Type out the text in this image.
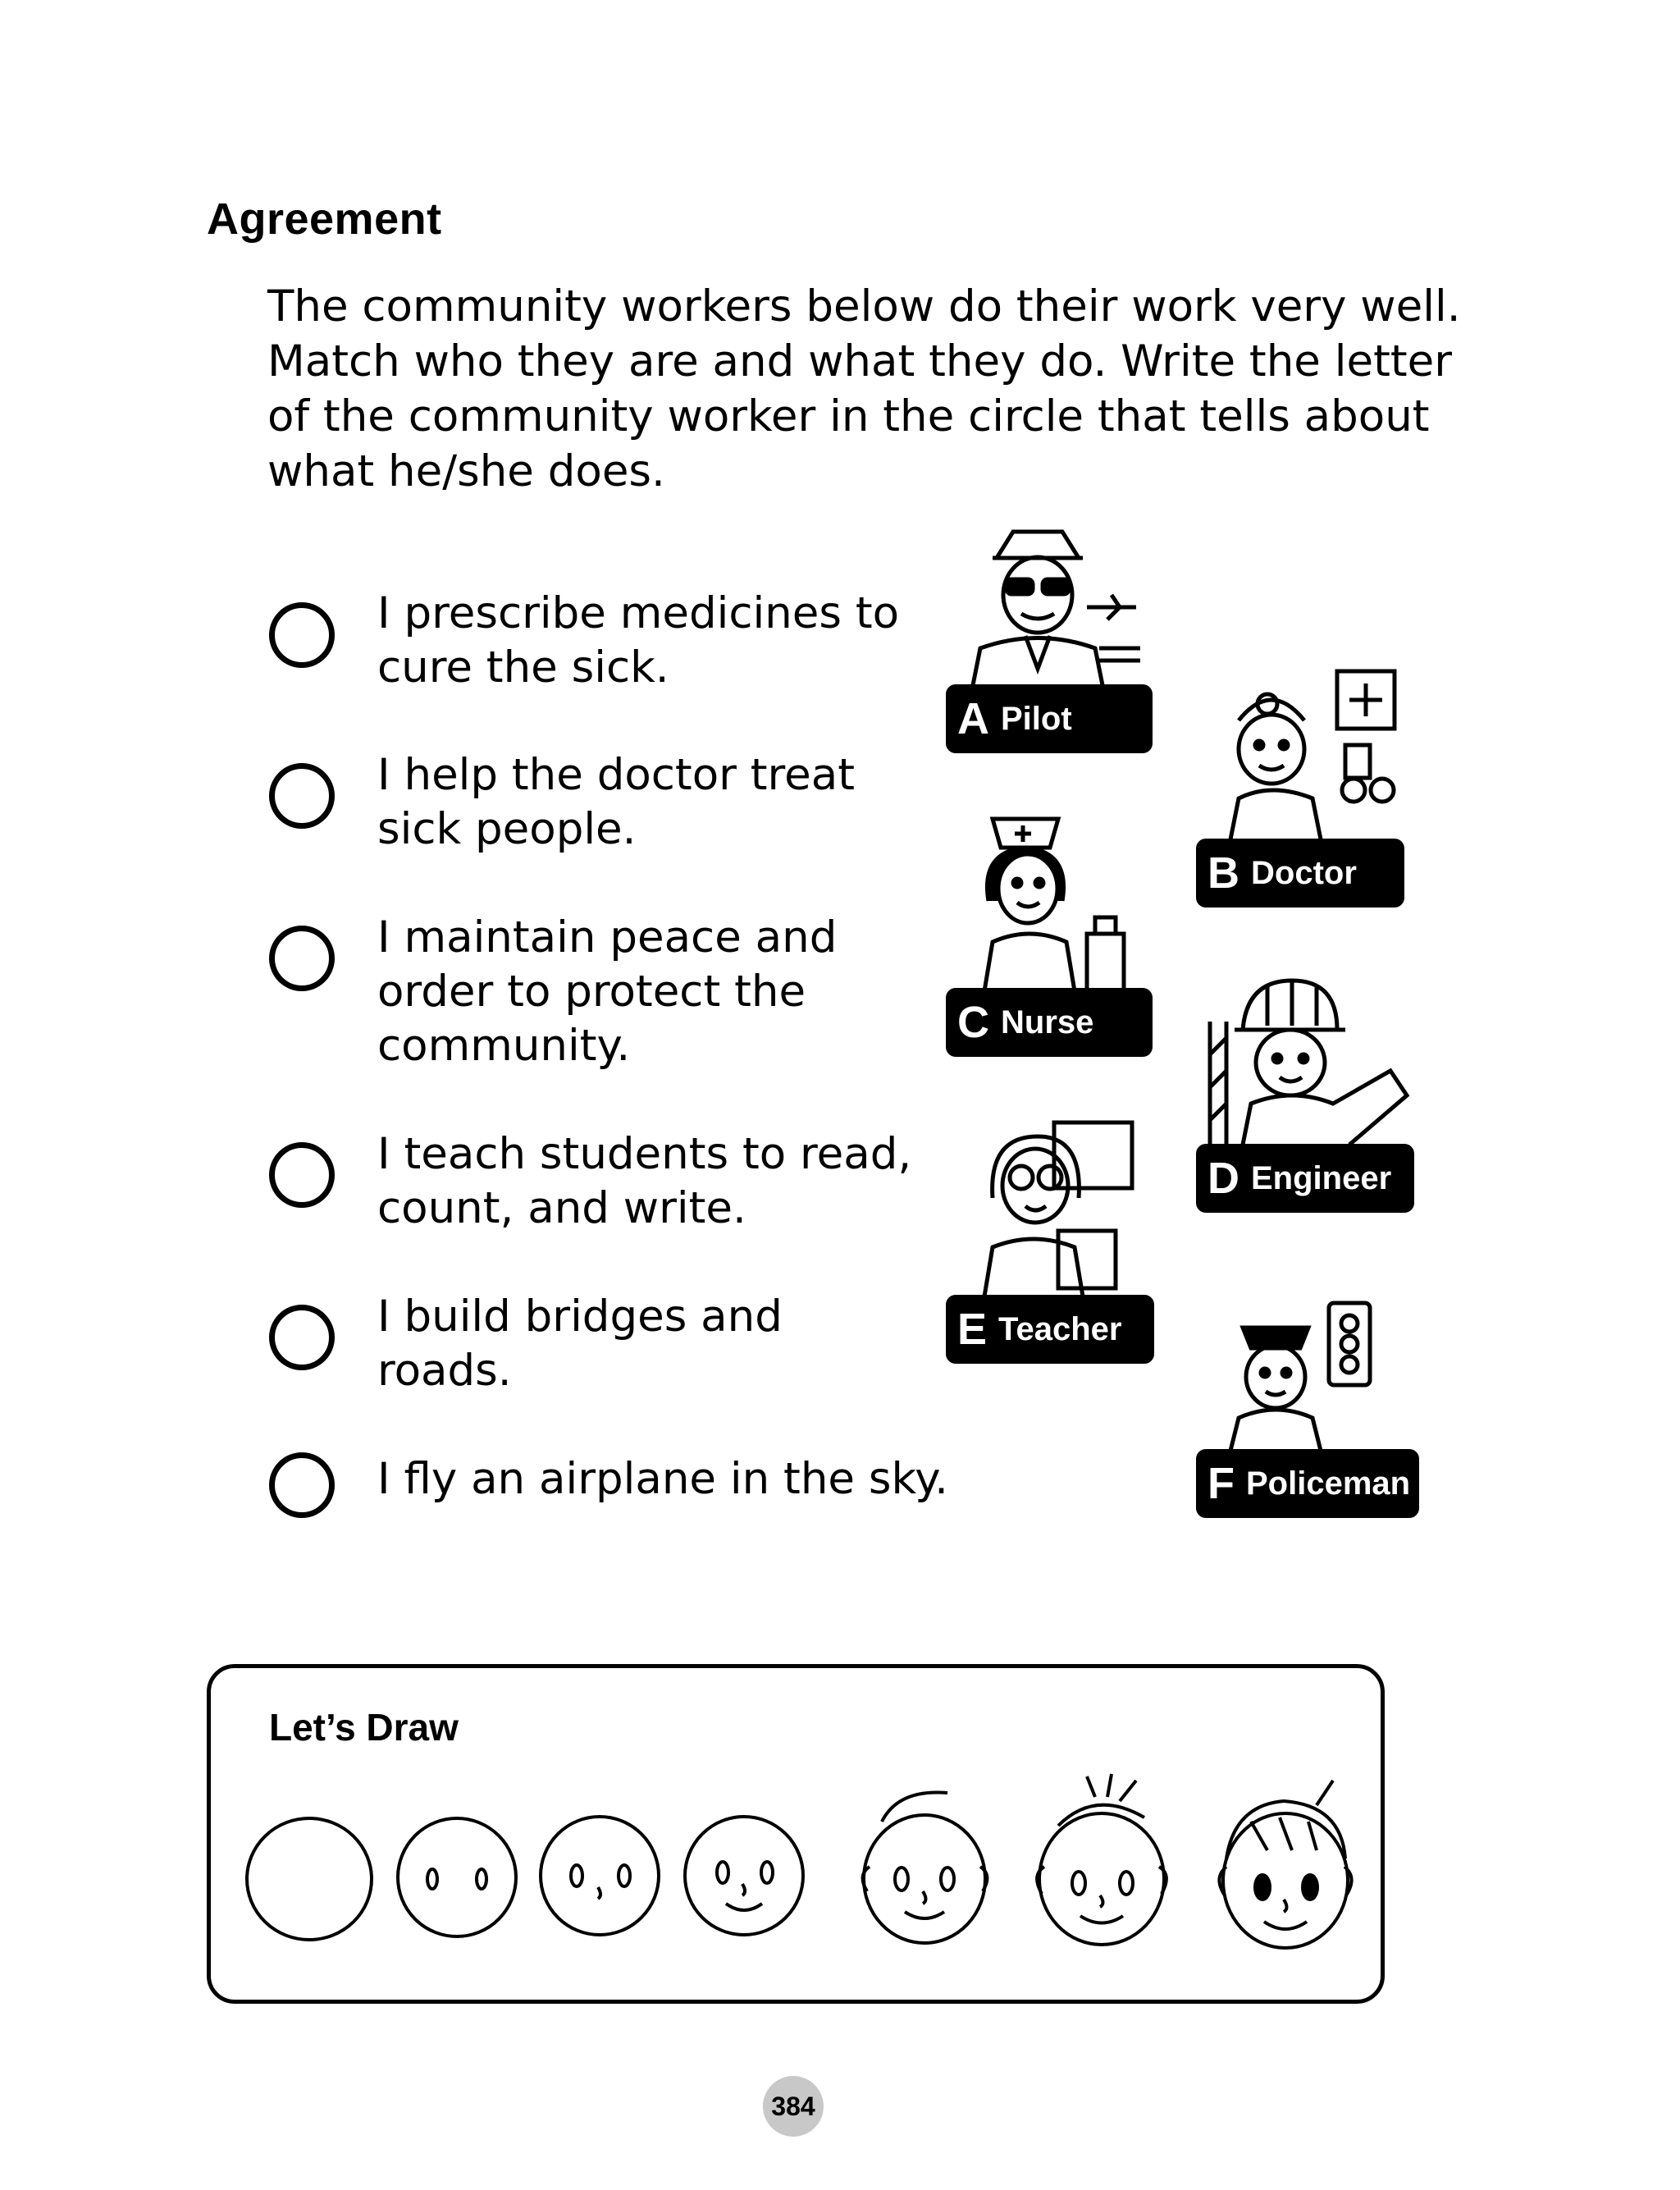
Agreement
The community workers below do their work very well. Match who they are and what they do. Write the letter of the community worker in the circle that tells about what he/she does.
I prescribe medicines to
cure the sick.
I help the doctor treat
sick people.
I maintain peace and
order to protect the
community.
I teach students to read,
count, and write.
I build bridges and
roads.
I fly an airplane in the sky.
A Pilot
B Doctor
C Nurse
D Engineer
E Teacher
F Policeman
Let’s Draw
384
